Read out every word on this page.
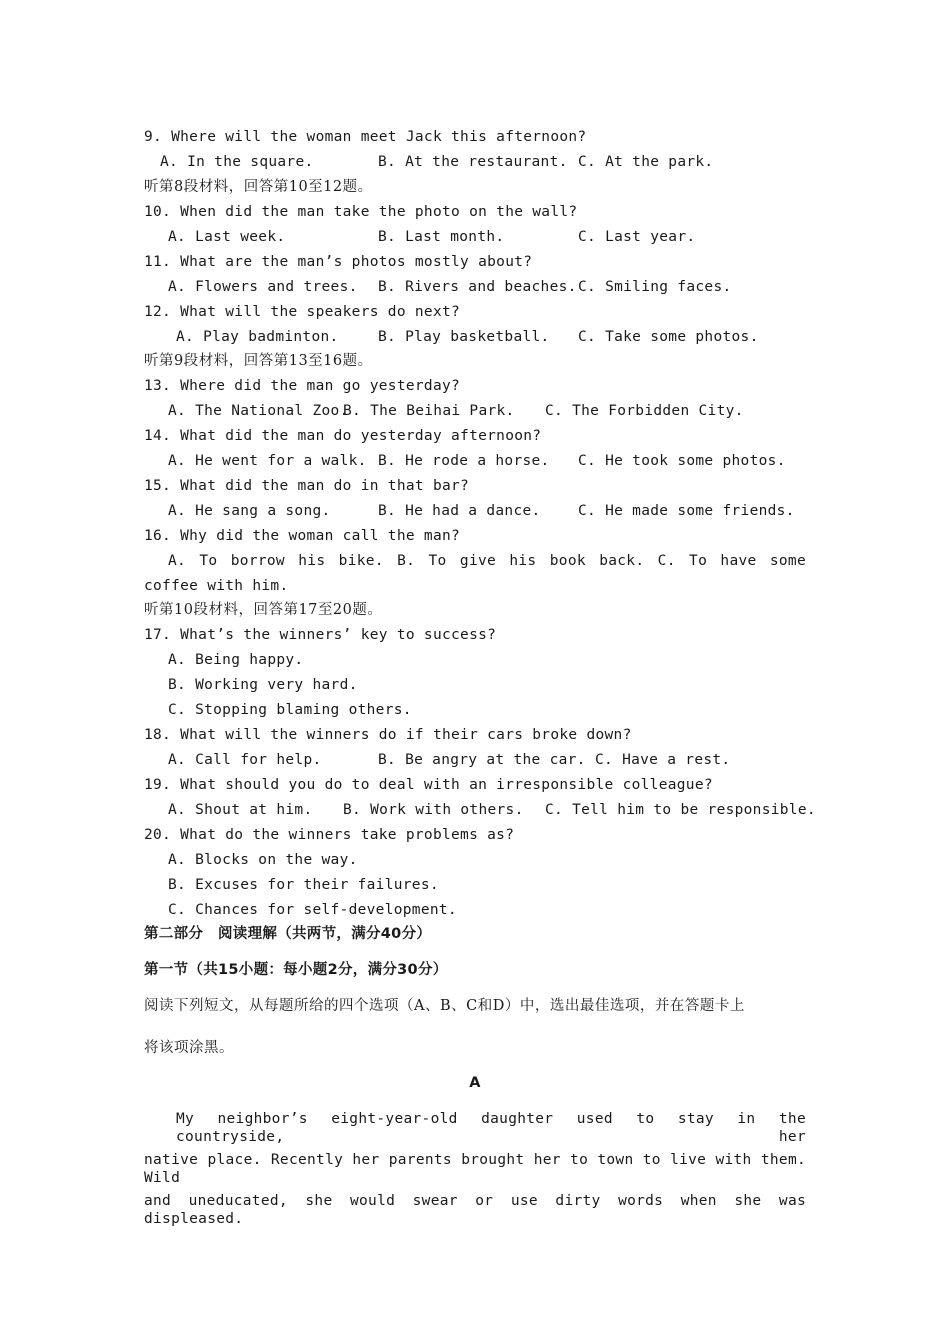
9. Where will the woman meet Jack this afternoon?
A. In the square.	B. At the restaurant. C. At the park.
听第8段材料，回答第10至12题。
10. When did the man take the photo on the wall?
A. Last week.	B. Last month.	C. Last year.
11. What are the man’s photos mostly about?
A. Flowers and trees. B. Rivers and beaches. C. Smiling faces.
12. What will the speakers do next?
A. Play badminton.	B. Play basketball. C. Take some photos.
听第9段材料，回答第13至16题。
13. Where did the man go yesterday?
A. The National Zoo.
B. The Beihai Park. C. The Forbidden City.
14. What did the man do yesterday afternoon?
A. He went for a walk. B. He rode a horse. C. He took some photos.
15. What did the man do in that bar?
A. He sang a song.	B. He had a dance.	C. He made some friends.
16. Why did the woman call the man?
A. To borrow his bike. B. To give his book back. C. To have some
coffee with him.
听第10段材料，回答第17至20题。
17. What’s the winners’ key to success?
A. Being happy.
B. Working very hard.
C. Stopping blaming others.
18. What will the winners do if their cars broke down?
A. Call for help.	B. Be angry at the car. C. Have a rest.
19. What should you do to deal with an irresponsible colleague?
A. Shout at him. B. Work with others. C. Tell him to be responsible.
20. What do the winners take problems as?
A. Blocks on the way.
B. Excuses for their failures.
C. Chances for self-development.
第二部分　阅读理解（共两节，满分40分）
第一节（共15小题：每小题2分，满分30分）
阅读下列短文，从每题所给的四个选项（A、B、C和D）中，选出最佳选项，并在答题卡上
将该项涂黑。
A
My neighbor’s eight-year-old daughter used to stay in the countryside, her
native place. Recently her parents brought her to town to live with them. Wild
and uneducated, she would swear or use dirty words when she was displeased.
